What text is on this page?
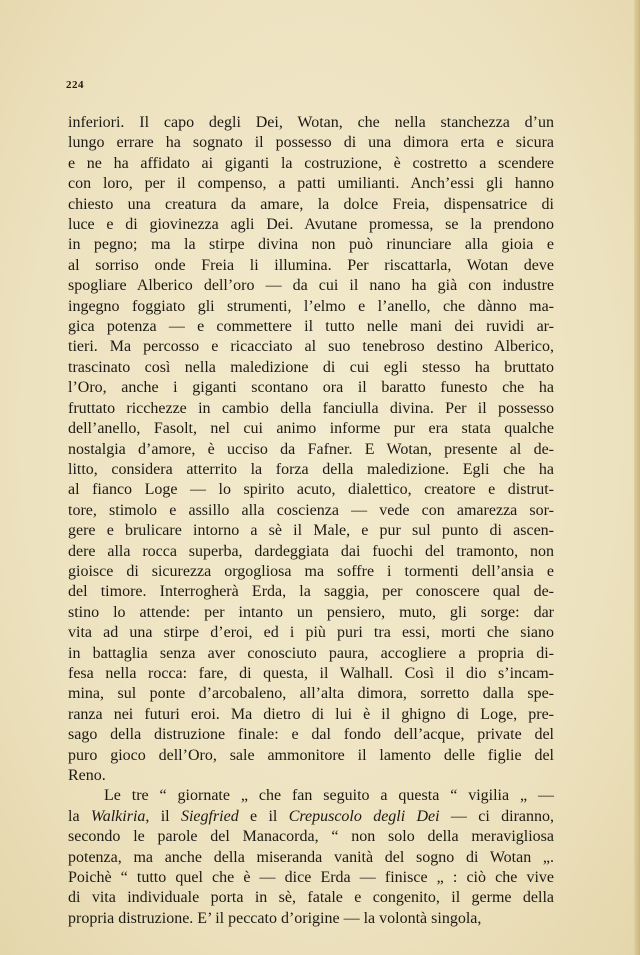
224
inferiori. Il capo degli Dei, Wotan, che nella stanchezza d’un
lungo errare ha sognato il possesso di una dimora erta e sicura
e ne ha affidato ai giganti la costruzione, è costretto a scendere
con loro, per il compenso, a patti umilianti. Anch’essi gli hanno
chiesto una creatura da amare, la dolce Freia, dispensatrice di
luce e di giovinezza agli Dei. Avutane promessa, se la prendono
in pegno; ma la stirpe divina non può rinunciare alla gioia e
al sorriso onde Freia li illumina. Per riscattarla, Wotan deve
spogliare Alberico dell’oro — da cui il nano ha già con industre
ingegno foggiato gli strumenti, l’elmo e l’anello, che dànno ma-
gica potenza — e commettere il tutto nelle mani dei ruvidi ar-
tieri. Ma percosso e ricacciato al suo tenebroso destino Alberico,
trascinato così nella maledizione di cui egli stesso ha bruttato
l’Oro, anche i giganti scontano ora il baratto funesto che ha
fruttato ricchezze in cambio della fanciulla divina. Per il possesso
dell’anello, Fasolt, nel cui animo informe pur era stata qualche
nostalgia d’amore, è ucciso da Fafner. E Wotan, presente al de-
litto, considera atterrito la forza della maledizione. Egli che ha
al fianco Loge — lo spirito acuto, dialettico, creatore e distrut-
tore, stimolo e assillo alla coscienza — vede con amarezza sor-
gere e brulicare intorno a sè il Male, e pur sul punto di ascen-
dere alla rocca superba, dardeggiata dai fuochi del tramonto, non
gioisce di sicurezza orgogliosa ma soffre i tormenti dell’ansia e
del timore. Interrogherà Erda, la saggia, per conoscere qual de-
stino lo attende: per intanto un pensiero, muto, gli sorge: dar
vita ad una stirpe d’eroi, ed i più puri tra essi, morti che siano
in battaglia senza aver conosciuto paura, accogliere a propria di-
fesa nella rocca: fare, di questa, il Walhall. Così il dio s’incam-
mina, sul ponte d’arcobaleno, all’alta dimora, sorretto dalla spe-
ranza nei futuri eroi. Ma dietro di lui è il ghigno di Loge, pre-
sago della distruzione finale: e dal fondo dell’acque, private del
puro gioco dell’Oro, sale ammonitore il lamento delle figlie del
Reno.
Le tre “ giornate „ che fan seguito a questa “ vigilia „ —
la Walkiria, il Siegfried e il Crepuscolo degli Dei — ci diranno,
secondo le parole del Manacorda, “ non solo della meravigliosa
potenza, ma anche della miseranda vanità del sogno di Wotan „.
Poichè “ tutto quel che è — dice Erda — finisce „ : ciò che vive
di vita individuale porta in sè, fatale e congenito, il germe della
propria distruzione. E’ il peccato d’origine — la volontà singola,
